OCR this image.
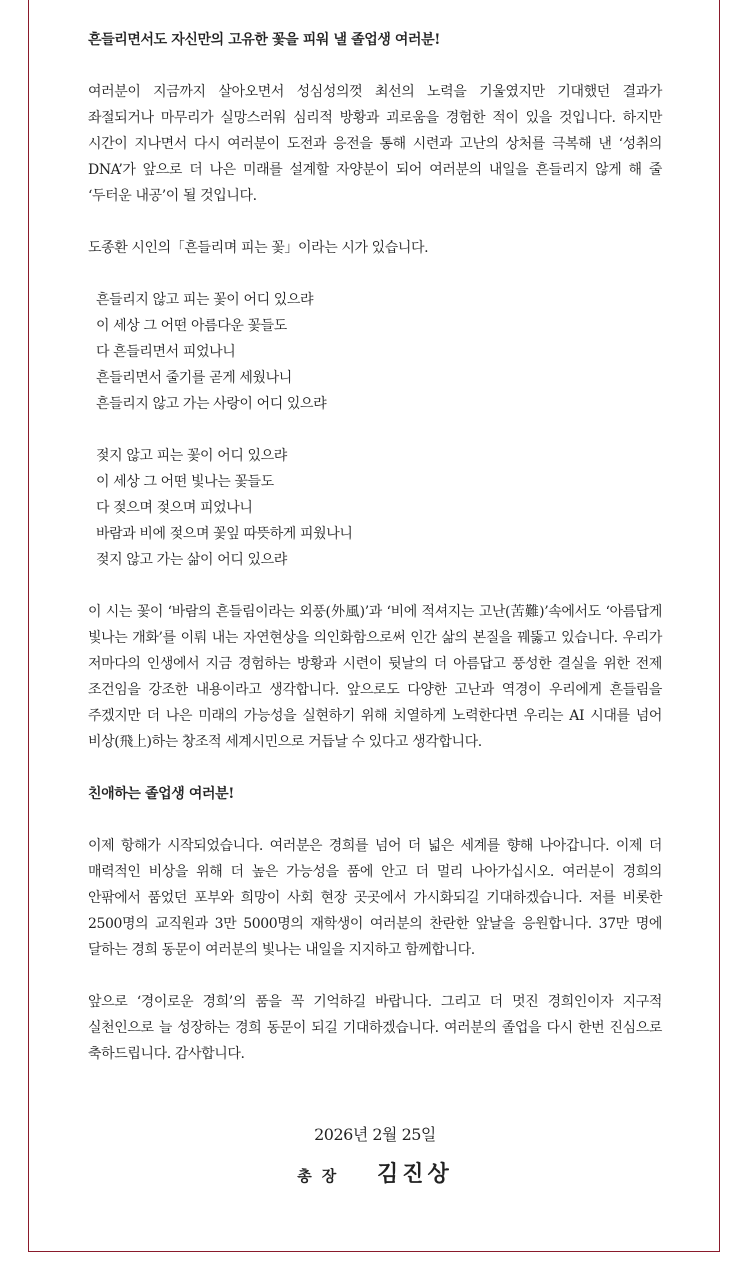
흔들리면서도 자신만의 고유한 꽃을 피워 낼 졸업생 여러분!

여러분이 지금까지 살아오면서 성심성의껏 최선의 노력을 기울였지만 기대했던 결과가 좌절되거나 마무리가 실망스러워 심리적 방황과 괴로움을 경험한 적이 있을 것입니다. 하지만 시간이 지나면서 다시 여러분이 도전과 응전을 통해 시련과 고난의 상처를 극복해 낸 ‘성취의 DNA’가 앞으로 더 나은 미래를 설계할 자양분이 되어 여러분의 내일을 흔들리지 않게 해 줄 ‘두터운 내공’이 될 것입니다.

도종환 시인의「흔들리며 피는 꽃」이라는 시가 있습니다.

흔들리지 않고 피는 꽃이 어디 있으랴
이 세상 그 어떤 아름다운 꽃들도
다 흔들리면서 피었나니
흔들리면서 줄기를 곧게 세웠나니
흔들리지 않고 가는 사랑이 어디 있으랴
젖지 않고 피는 꽃이 어디 있으랴
이 세상 그 어떤 빛나는 꽃들도
다 젖으며 젖으며 피었나니
바람과 비에 젖으며 꽃잎 따뜻하게 피웠나니
젖지 않고 가는 삶이 어디 있으랴

이 시는 꽃이 ‘바람의 흔들림이라는 외풍(外風)’과 ‘비에 적셔지는 고난(苦難)’속에서도 ‘아름답게 빛나는 개화’를 이뤄 내는 자연현상을 의인화함으로써 인간 삶의 본질을 꿰뚫고 있습니다. 우리가 저마다의 인생에서 지금 경험하는 방황과 시련이 뒷날의 더 아름답고 풍성한 결실을 위한 전제 조건임을 강조한 내용이라고 생각합니다. 앞으로도 다양한 고난과 역경이 우리에게 흔들림을 주겠지만 더 나은 미래의 가능성을 실현하기 위해 치열하게 노력한다면 우리는 AI 시대를 넘어 비상(飛上)하는 창조적 세계시민으로 거듭날 수 있다고 생각합니다.

친애하는 졸업생 여러분!

이제 항해가 시작되었습니다. 여러분은 경희를 넘어 더 넓은 세계를 향해 나아갑니다. 이제 더 매력적인 비상을 위해 더 높은 가능성을 품에 안고 더 멀리 나아가십시오. 여러분이 경희의 안팎에서 품었던 포부와 희망이 사회 현장 곳곳에서 가시화되길 기대하겠습니다. 저를 비롯한 2500명의 교직원과 3만 5000명의 재학생이 여러분의 찬란한 앞날을 응원합니다. 37만 명에 달하는 경희 동문이 여러분의 빛나는 내일을 지지하고 함께합니다.

앞으로 ‘경이로운 경희’의 품을 꼭 기억하길 바랍니다. 그리고 더 멋진 경희인이자 지구적 실천인으로 늘 성장하는 경희 동문이 되길 기대하겠습니다. 여러분의 졸업을 다시 한번 진심으로 축하드립니다. 감사합니다.

2026년 2월 25일
총장 김진상
